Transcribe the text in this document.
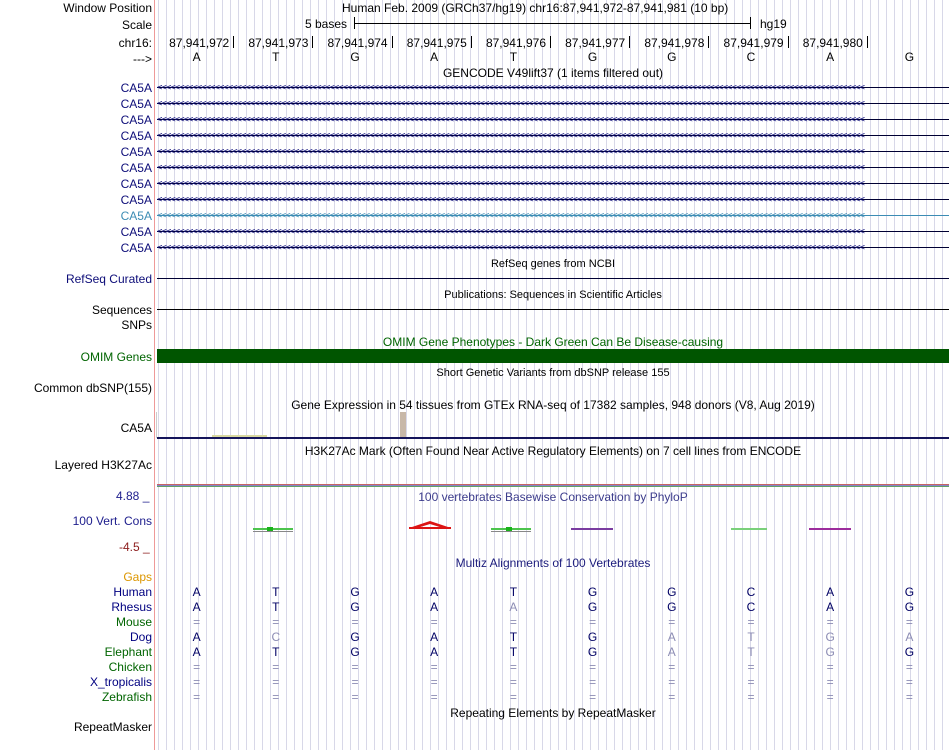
Window Position	Human Feb. 2009 (GRCh37/hg19) chr16:87,941,972-87,941,981 (10 bp)
Scale	5 bases	hg19
chr16:	87,941,972	87,941,973	87,941,974	87,941,975	87,941,976	87,941,977	87,941,978	87,941,979	87,941,980
--->	A	T	G	A	T	G	G	C	A	G
GENCODE V49lift37 (1 items filtered out)
CA5A <<<<<<<<<<<<<<<<<<<<<<<<<<<<<<<<<<<<<<<<<<<<<<<<<<<<<<<<<<<<<<<<<<<<<<<<<<<<<<<<<<<<<<<<<<<<<<<<<<<<<<<<<<<<<<<<<<<<<<<<<<<<<<<<<<<<<<<<<<<<<<<<<<<<<<<<<<<<<<<<
CA5A <<<<<<<<<<<<<<<<<<<<<<<<<<<<<<<<<<<<<<<<<<<<<<<<<<<<<<<<<<<<<<<<<<<<<<<<<<<<<<<<<<<<<<<<<<<<<<<<<<<<<<<<<<<<<<<<<<<<<<<<<<<<<<<<<<<<<<<<<<<<<<<<<<<<<<<<<<<<<<<<
CA5A <<<<<<<<<<<<<<<<<<<<<<<<<<<<<<<<<<<<<<<<<<<<<<<<<<<<<<<<<<<<<<<<<<<<<<<<<<<<<<<<<<<<<<<<<<<<<<<<<<<<<<<<<<<<<<<<<<<<<<<<<<<<<<<<<<<<<<<<<<<<<<<<<<<<<<<<<<<<<<<<
CA5A <<<<<<<<<<<<<<<<<<<<<<<<<<<<<<<<<<<<<<<<<<<<<<<<<<<<<<<<<<<<<<<<<<<<<<<<<<<<<<<<<<<<<<<<<<<<<<<<<<<<<<<<<<<<<<<<<<<<<<<<<<<<<<<<<<<<<<<<<<<<<<<<<<<<<<<<<<<<<<<<
CA5A <<<<<<<<<<<<<<<<<<<<<<<<<<<<<<<<<<<<<<<<<<<<<<<<<<<<<<<<<<<<<<<<<<<<<<<<<<<<<<<<<<<<<<<<<<<<<<<<<<<<<<<<<<<<<<<<<<<<<<<<<<<<<<<<<<<<<<<<<<<<<<<<<<<<<<<<<<<<<<<<
CA5A <<<<<<<<<<<<<<<<<<<<<<<<<<<<<<<<<<<<<<<<<<<<<<<<<<<<<<<<<<<<<<<<<<<<<<<<<<<<<<<<<<<<<<<<<<<<<<<<<<<<<<<<<<<<<<<<<<<<<<<<<<<<<<<<<<<<<<<<<<<<<<<<<<<<<<<<<<<<<<<<
CA5A <<<<<<<<<<<<<<<<<<<<<<<<<<<<<<<<<<<<<<<<<<<<<<<<<<<<<<<<<<<<<<<<<<<<<<<<<<<<<<<<<<<<<<<<<<<<<<<<<<<<<<<<<<<<<<<<<<<<<<<<<<<<<<<<<<<<<<<<<<<<<<<<<<<<<<<<<<<<<<<<
CA5A <<<<<<<<<<<<<<<<<<<<<<<<<<<<<<<<<<<<<<<<<<<<<<<<<<<<<<<<<<<<<<<<<<<<<<<<<<<<<<<<<<<<<<<<<<<<<<<<<<<<<<<<<<<<<<<<<<<<<<<<<<<<<<<<<<<<<<<<<<<<<<<<<<<<<<<<<<<<<<<<
CA5A <<<<<<<<<<<<<<<<<<<<<<<<<<<<<<<<<<<<<<<<<<<<<<<<<<<<<<<<<<<<<<<<<<<<<<<<<<<<<<<<<<<<<<<<<<<<<<<<<<<<<<<<<<<<<<<<<<<<<<<<<<<<<<<<<<<<<<<<<<<<<<<<<<<<<<<<<<<<<<<<
CA5A <<<<<<<<<<<<<<<<<<<<<<<<<<<<<<<<<<<<<<<<<<<<<<<<<<<<<<<<<<<<<<<<<<<<<<<<<<<<<<<<<<<<<<<<<<<<<<<<<<<<<<<<<<<<<<<<<<<<<<<<<<<<<<<<<<<<<<<<<<<<<<<<<<<<<<<<<<<<<<<<
CA5A <<<<<<<<<<<<<<<<<<<<<<<<<<<<<<<<<<<<<<<<<<<<<<<<<<<<<<<<<<<<<<<<<<<<<<<<<<<<<<<<<<<<<<<<<<<<<<<<<<<<<<<<<<<<<<<<<<<<<<<<<<<<<<<<<<<<<<<<<<<<<<<<<<<<<<<<<<<<<<<<
RefSeq genes from NCBI
RefSeq Curated
Publications: Sequences in Scientific Articles
Sequences
SNPs
OMIM Gene Phenotypes - Dark Green Can Be Disease-causing
OMIM Genes
Short Genetic Variants from dbSNP release 155
Common dbSNP(155)
Gene Expression in 54 tissues from GTEx RNA-seq of 17382 samples, 948 donors (V8, Aug 2019)
CA5A
H3K27Ac Mark (Often Found Near Active Regulatory Elements) on 7 cell lines from ENCODE
Layered H3K27Ac
4.88 _	100 vertebrates Basewise Conservation by PhyloP
100 Vert. Cons
-4.5 _
Multiz Alignments of 100 Vertebrates
Gaps
Human	A	T	G	A	T	G	G	C	A	G
Rhesus	A	T	G	A	A	G	G	C	A	G
Mouse	=	=	=	=	=	=	=	=	=	=
Dog	A	C	G	A	T	G	A	T	G	A
Elephant	A	T	G	A	T	G	A	T	G	G
Chicken	=	=	=	=	=	=	=	=	=	=
X_tropicalis	=	=	=	=	=	=	=	=	=	=
Zebrafish	=	=	=	=	=	=	=	=	=	=
Repeating Elements by RepeatMasker
RepeatMasker
